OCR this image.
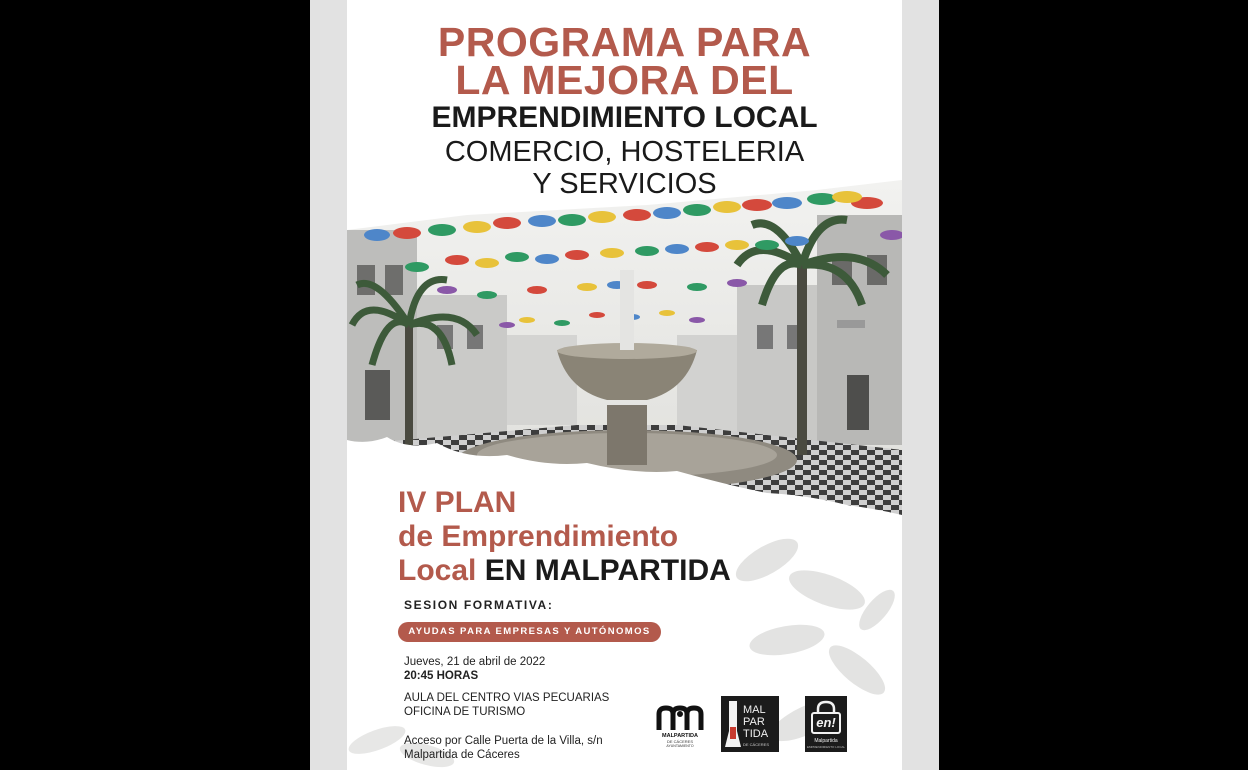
PROGRAMA PARA

LA MEJORA DEL

EMPRENDIMIENTO LOCAL

COMERCIO, HOSTELERIA

Y SERVICIOS

IV PLAN
de Emprendimiento
Local EN MALPARTIDA
SESION FORMATIVA:
AYUDAS PARA EMPRESAS Y AUTÓNOMOS
Jueves, 21 de abril de 2022
20:45 HORAS
AULA DEL CENTRO VIAS PECUARIAS
OFICINA DE TURISMO
Acceso por Calle Puerta de la Villa, s/n
Malpartida de Cáceres
MALPARTIDA
DE CÁCERES
AYUNTAMIENTO
MAL
PAR
TIDA
DE CÁCERES
en!
Malpartida
EMPRENDIMIENTO LOCAL
